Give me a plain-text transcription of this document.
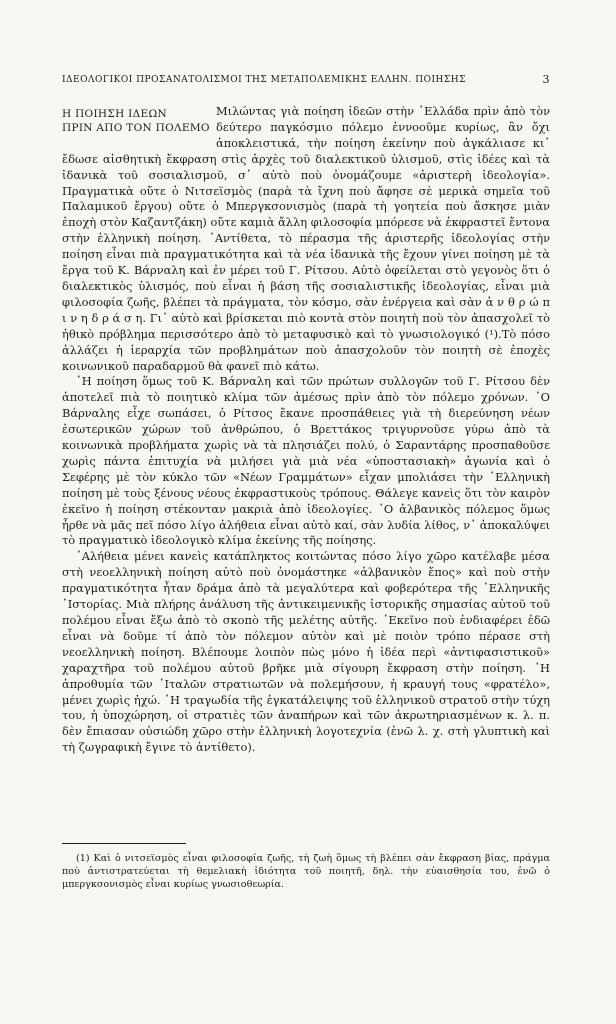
ΙΔΕΟΛΟΓΙΚΟΙ ΠΡΟΣΑΝΑΤΟΛΙΣΜΟΙ ΤΗΣ ΜΕΤΑΠΟΛΕΜΙΚΗΣ ΕΛΛΗΝ. ΠΟΙΗΣΗΣ	3
Η ΠΟΙΗΣΗ ΙΔΕΩΝ
ΠΡΙΝ ΑΠΟ ΤΟΝ ΠΟΛΕΜΟ

Μιλώντας γιὰ ποίηση ἰδεῶν στὴν ῾Ελλάδα πρὶν ἀπὸ τὸν δεύτερο παγκόσμιο πόλεμο ἐννοοῦμε κυρίως, ἂν ὄχι ἀποκλειστικά, τὴν ποίηση ἐκείνην ποὺ ἀγκάλιασε κι᾿ ἔδωσε αἰσθητικὴ ἔκφραση στὶς ἀρχὲς τοῦ διαλεκτικοῦ ὑλισμοῦ, στὶς ἰδέες καὶ τὰ ἰδανικὰ τοῦ σοσιαλισμοῦ, σ᾿ αὐτὸ ποὺ ὀνομάζουμε «ἀριστερὴ ἰδεολογία». Πραγματικὰ οὔτε ὁ Νιτσεϊσμὸς (παρὰ τὰ ἴχνη ποὺ ἄφησε σὲ μερικὰ σημεῖα τοῦ Παλαμικοῦ ἔργου) οὔτε ὁ Μπεργκσονισμὸς (παρὰ τὴ γοητεία ποὺ ἄσκησε μιὰν ἐποχὴ στὸν Καζαντζάκη) οὔτε καμιὰ ἄλλη φιλοσοφία μπόρεσε νὰ ἐκφραστεῖ ἔντονα στὴν ἑλληνικὴ ποίηση. ᾿Αντίθετα, τὸ πέρασμα τῆς ἀριστερῆς ἰδεολογίας στὴν ποίηση εἶναι πιὰ πραγματικότητα καὶ τὰ νέα ἰδανικὰ τῆς ἔχουν γίνει ποίηση μὲ τὰ ἔργα τοῦ Κ. Βάρναλη καὶ ἐν μέρει τοῦ Γ. Ρίτσου. Αὐτὸ ὀφείλεται στὸ γεγονὸς ὅτι ὁ διαλεκτικὸς ὑλισμός, ποὺ εἶναι ἡ βάση τῆς σοσιαλιστικῆς ἰδεολογίας, εἶναι μιὰ φιλοσοφία ζωῆς, βλέπει τὰ πράγματα, τὸν κόσμο, σὰν ἐνέργεια καὶ σὰν ἀ ν θ ρ ώ π ι ν η δ ρ ά σ η. Γι᾿ αὐτὸ καὶ βρίσκεται πιὸ κοντὰ στὸν ποιητὴ ποὺ τὸν ἀπασχολεῖ τὸ ἠθικὸ πρόβλημα περισσότερο ἀπὸ τὸ μεταφυσικὸ καὶ τὸ γνωσιολογικό (¹).Τὸ πόσο ἀλλάζει ἡ ἱεραρχία τῶν προβλημάτων ποὺ ἀπασχολοῦν τὸν ποιητὴ σὲ ἐποχὲς κοινωνικοῦ παραδαρμοῦ θὰ φανεῖ πιὸ κάτω.

῾Η ποίηση ὅμως τοῦ Κ. Βάρναλη καὶ τῶν πρώτων συλλογῶν τοῦ Γ. Ρίτσου δὲν ἀποτελεῖ πιὰ τὸ ποιητικὸ κλίμα τῶν ἀμέσως πρὶν ἀπὸ τὸν πόλεμο χρόνων. ᾿Ο Βάρναλης εἶχε σωπάσει, ὁ Ρίτσος ἔκανε προσπάθειες γιὰ τὴ διερεύνηση νέων ἐσωτερικῶν χώρων τοῦ ἀνθρώπου, ὁ Βρεττάκος τριγυρνοῦσε γύρω ἀπὸ τὰ κοινωνικὰ προβλήματα χωρὶς νὰ τὰ πλησιάζει πολύ, ὁ Σαραντάρης προσπαθοῦσε χωρὶς πάντα ἐπιτυχία νὰ μιλήσει γιὰ μιὰ νέα «ὑποστασιακὴ» ἀγωνία καὶ ὁ Σεφέρης μὲ τὸν κύκλο τῶν «Νέων Γραμμάτων» εἶχαν μπολιάσει τὴν ῾Ελληνικὴ ποίηση μὲ τοὺς ξένους νέους ἐκφραστικοὺς τρόπους. Θάλεγε κανεὶς ὅτι τὸν καιρὸν ἐκεῖνο ἡ ποίηση στέκονταν μακριὰ ἀπὸ ἰδεολογίες. ᾿Ο ἀλβανικὸς πόλεμος ὅμως ἦρθε νὰ μᾶς πεῖ πόσο λίγο ἀλήθεια εἶναι αὐτὸ καί, σὰν λυδία λίθος, ν᾿ ἀποκαλύψει τὸ πραγματικὸ ἰδεολογικὸ κλίμα ἐκείνης τῆς ποίησης.

᾿Αλήθεια μένει κανεὶς κατάπληκτος κοιτώντας πόσο λίγο χῶρο κατέλαβε μέσα στὴ νεοελληνικὴ ποίηση αὐτὸ ποὺ ὀνομάστηκε «ἀλβανικὸν ἔπος» καὶ ποὺ στὴν πραγματικότητα ἦταν δράμα ἀπὸ τὰ μεγαλύτερα καὶ φοβερότερα τῆς ῾Ελληνικῆς ῾Ιστορίας. Μιὰ πλήρης ἀνάλυση τῆς ἀντικειμενικῆς ἱστορικῆς σημασίας αὐτοῦ τοῦ πολέμου εἶναι ἔξω ἀπὸ τὸ σκοπὸ τῆς μελέτης αὐτῆς. ᾿Εκεῖνο ποὺ ἐνδιαφέρει ἐδῶ εἶναι νὰ δοῦμε τί ἀπὸ τὸν πόλεμον αὐτὸν καὶ μὲ ποιὸν τρόπο πέρασε στὴ νεοελληνικὴ ποίηση. Βλέπουμε λοιπὸν πὼς μόνο ἡ ἰδέα περὶ «ἀντιφασιστικοῦ» χαραχτῆρα τοῦ πολέμου αὐτοῦ βρῆκε μιὰ σίγουρη ἔκφραση στὴν ποίηση. ῾Η ἀπροθυμία τῶν ᾿Ιταλῶν στρατιωτῶν νὰ πολεμήσουν, ἡ κραυγή τους «φρατέλο», μένει χωρὶς ἠχώ. ῾Η τραγωδία τῆς ἐγκατάλειψης τοῦ ἑλληνικοῦ στρατοῦ στὴν τύχη του, ἡ ὑποχώρηση, οἱ στρατιὲς τῶν ἀναπήρων καὶ τῶν ἀκρωτηριασμένων κ. λ. π. δὲν ἔπιασαν οὐσιώδη χῶρο στὴν ἑλληνικὴ λογοτεχνία (ἐνῶ λ. χ. στὴ γλυπτικὴ καὶ τὴ ζωγραφικὴ ἔγινε τὸ ἀντίθετο).

(1) Καὶ ὁ νιτσεϊσμὸς εἶναι φιλοσοφία ζωῆς, τὴ ζωὴ ὅμως τὴ βλέπει σὰν ἔκφραση βίας, πράγμα ποὺ ἀντιστρατεύεται τὴ θεμελιακὴ ἰδιότητα τοῦ ποιητῆ, δηλ. τὴν εὐαισθησία του, ἐνῶ ὁ μπεργκσονισμὸς εἶναι κυρίως γνωσιοθεωρία.
